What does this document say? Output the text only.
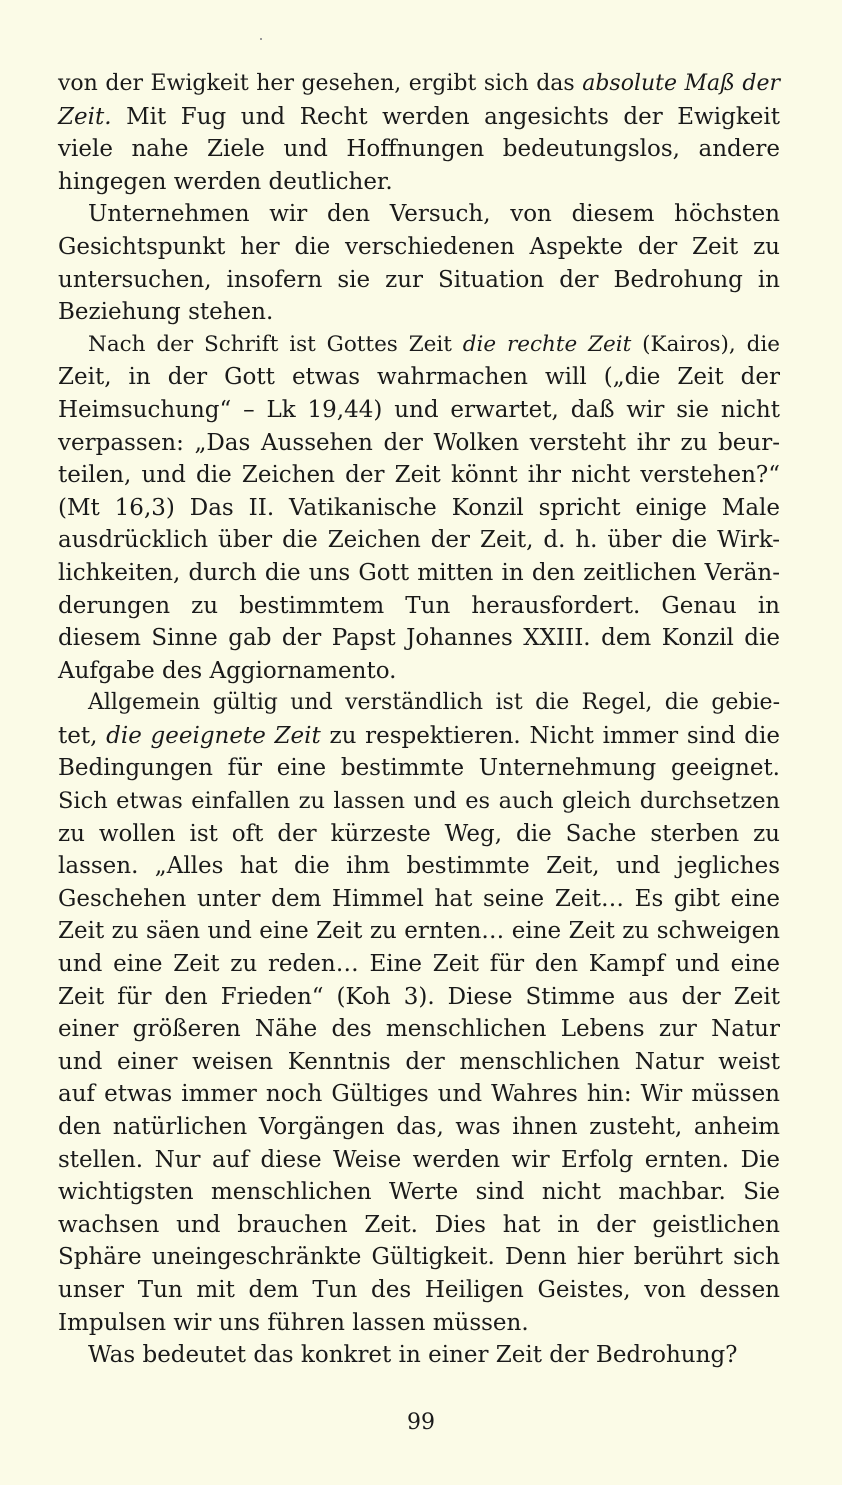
von der Ewigkeit her gesehen, ergibt sich das absolute Maß der
Zeit. Mit Fug und Recht werden angesichts der Ewigkeit
viele nahe Ziele und Hoffnungen bedeutungslos, andere
hingegen werden deutlicher.
Unternehmen wir den Versuch, von diesem höchsten
Gesichtspunkt her die verschiedenen Aspekte der Zeit zu
untersuchen, insofern sie zur Situation der Bedrohung in
Beziehung stehen.
Nach der Schrift ist Gottes Zeit die rechte Zeit (Kairos), die
Zeit, in der Gott etwas wahrmachen will („die Zeit der
Heimsuchung“ – Lk 19,44) und erwartet, daß wir sie nicht
verpassen: „Das Aussehen der Wolken versteht ihr zu beur-
teilen, und die Zeichen der Zeit könnt ihr nicht verstehen?“
(Mt 16,3) Das II. Vatikanische Konzil spricht einige Male
ausdrücklich über die Zeichen der Zeit, d. h. über die Wirk-
lichkeiten, durch die uns Gott mitten in den zeitlichen Verän-
derungen zu bestimmtem Tun herausfordert. Genau in
diesem Sinne gab der Papst Johannes XXIII. dem Konzil die
Aufgabe des Aggiornamento.
Allgemein gültig und verständlich ist die Regel, die gebie-
tet, die geeignete Zeit zu respektieren. Nicht immer sind die
Bedingungen für eine bestimmte Unternehmung geeignet.
Sich etwas einfallen zu lassen und es auch gleich durchsetzen
zu wollen ist oft der kürzeste Weg, die Sache sterben zu
lassen. „Alles hat die ihm bestimmte Zeit, und jegliches
Geschehen unter dem Himmel hat seine Zeit… Es gibt eine
Zeit zu säen und eine Zeit zu ernten… eine Zeit zu schweigen
und eine Zeit zu reden… Eine Zeit für den Kampf und eine
Zeit für den Frieden“ (Koh 3). Diese Stimme aus der Zeit
einer größeren Nähe des menschlichen Lebens zur Natur
und einer weisen Kenntnis der menschlichen Natur weist
auf etwas immer noch Gültiges und Wahres hin: Wir müssen
den natürlichen Vorgängen das, was ihnen zusteht, anheim
stellen. Nur auf diese Weise werden wir Erfolg ernten. Die
wichtigsten menschlichen Werte sind nicht machbar. Sie
wachsen und brauchen Zeit. Dies hat in der geistlichen
Sphäre uneingeschränkte Gültigkeit. Denn hier berührt sich
unser Tun mit dem Tun des Heiligen Geistes, von dessen
Impulsen wir uns führen lassen müssen.
Was bedeutet das konkret in einer Zeit der Bedrohung?
99
